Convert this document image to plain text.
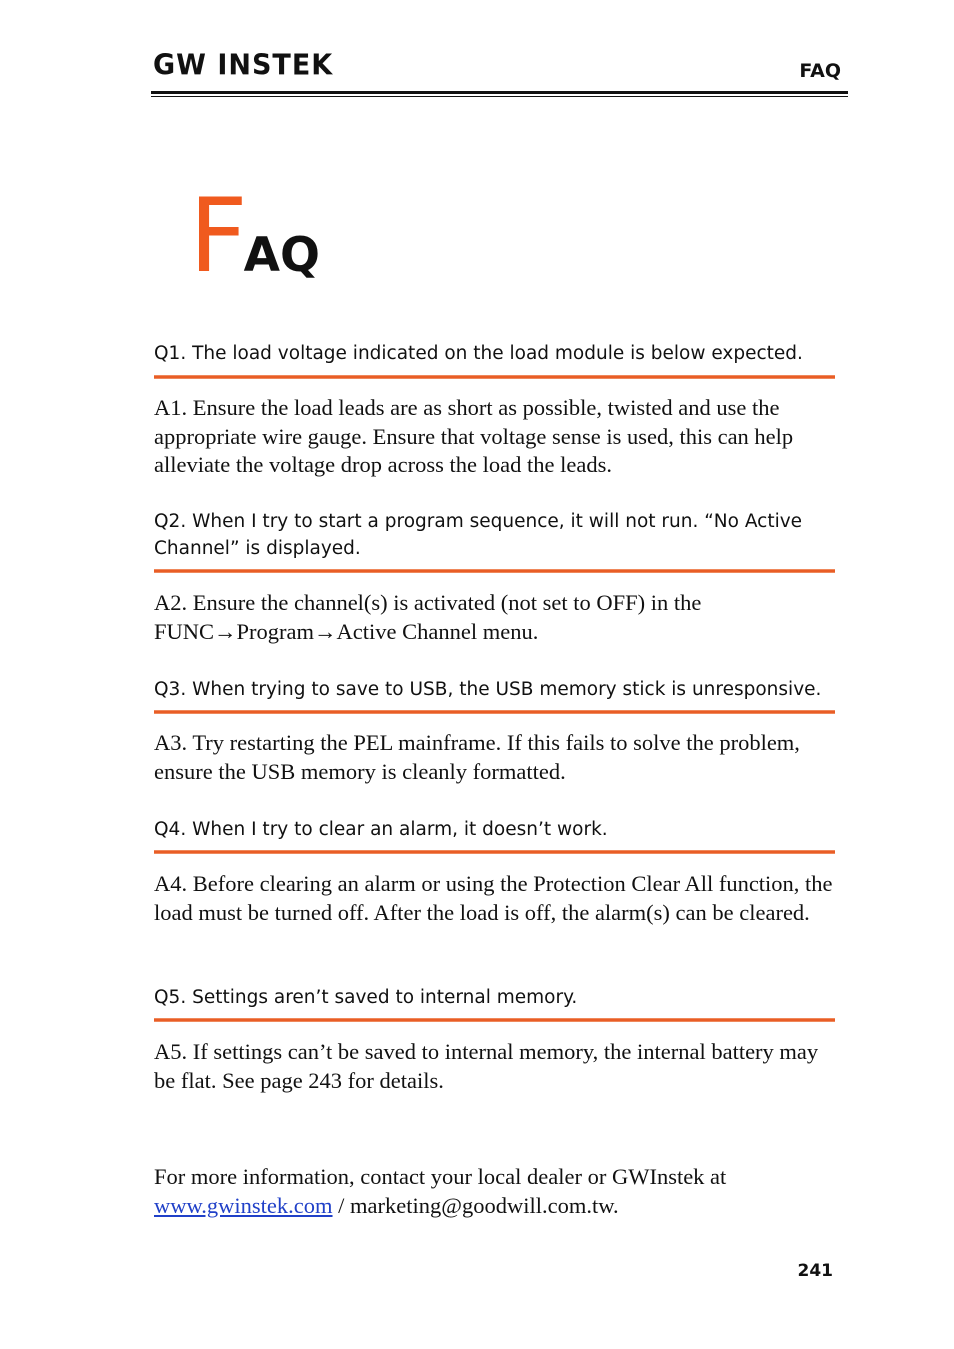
GW INSTEK	FAQ
FAQ
Q1. The load voltage indicated on the load module is below expected.
A1. Ensure the load leads are as short as possible, twisted and use the appropriate wire gauge. Ensure that voltage sense is used, this can help alleviate the voltage drop across the load the leads.
Q2. When I try to start a program sequence, it will not run. “No Active Channel” is displayed.
A2. Ensure the channel(s) is activated (not set to OFF) in the FUNC→Program→Active Channel menu.
Q3. When trying to save to USB, the USB memory stick is unresponsive.
A3. Try restarting the PEL mainframe. If this fails to solve the problem, ensure the USB memory is cleanly formatted.
Q4. When I try to clear an alarm, it doesn’t work.
A4. Before clearing an alarm or using the Protection Clear All function, the load must be turned off. After the load is off, the alarm(s) can be cleared.
Q5. Settings aren’t saved to internal memory.
A5. If settings can’t be saved to internal memory, the internal battery may be flat. See page 243 for details.
For more information, contact your local dealer or GWInstek at
www.gwinstek.com / marketing@goodwill.com.tw.
241
